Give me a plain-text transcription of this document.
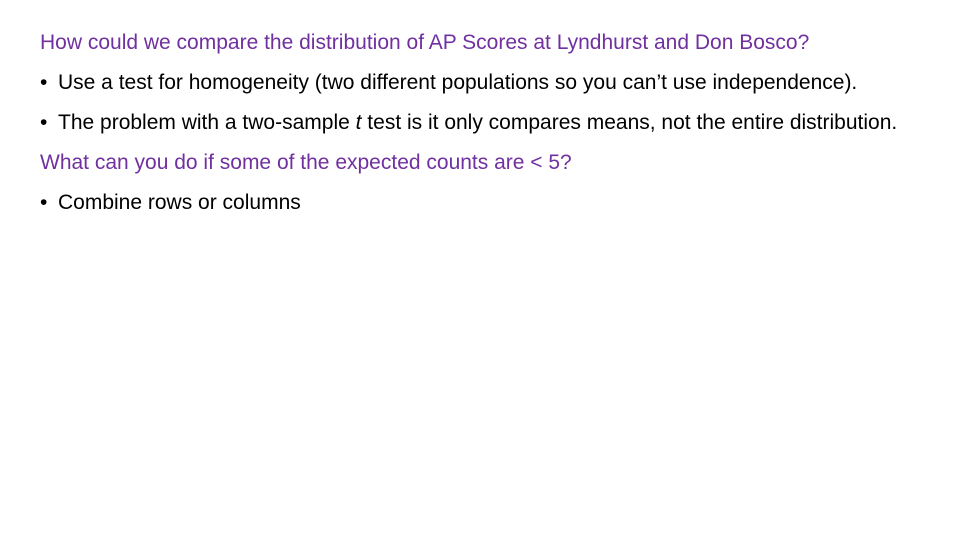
How could we compare the distribution of AP Scores at Lyndhurst and Don Bosco?
• Use a test for homogeneity (two different populations so you can’t use independence).
• The problem with a two-sample t test is it only compares means, not the entire distribution.
What can you do if some of the expected counts are < 5?
• Combine rows or columns
